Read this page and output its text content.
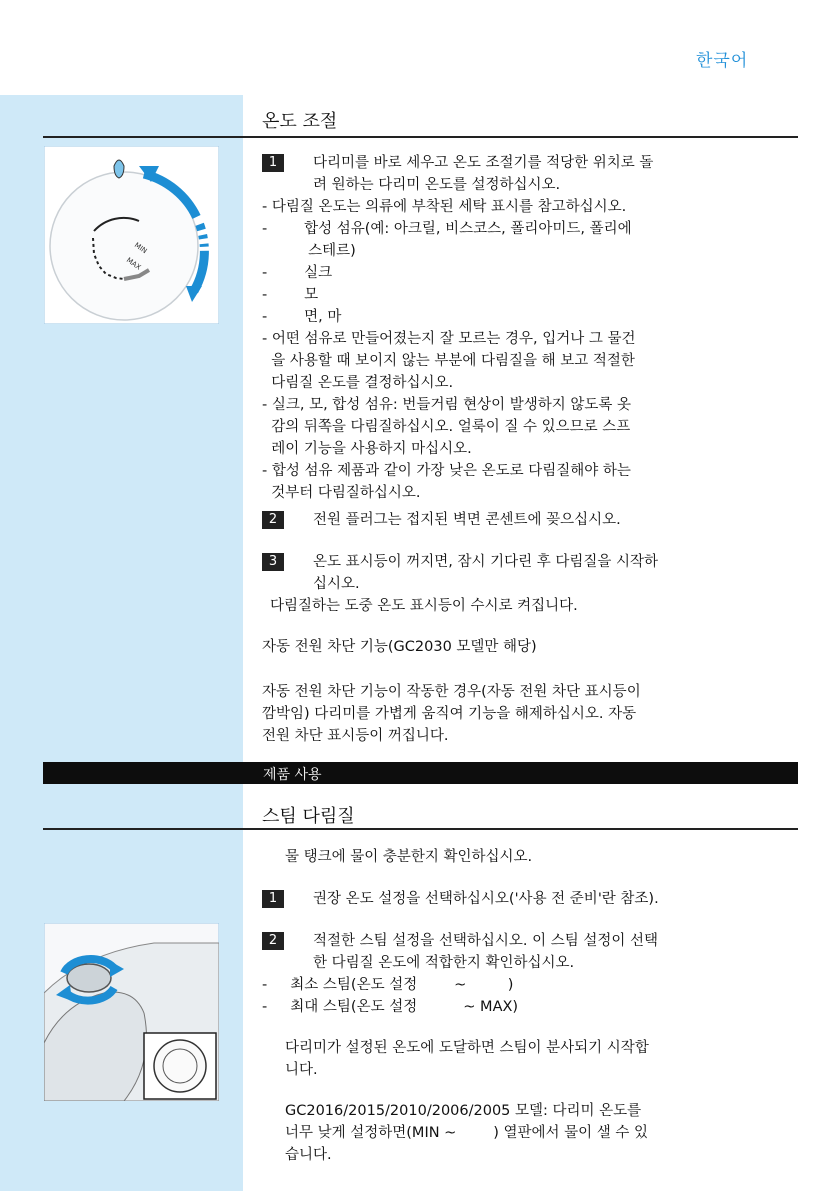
한국어
온도 조절
MIN
MAX
1	다리미를 바로 세우고 온도 조절기를 적당한 위치로 돌
려 원하는 다리미 온도를 설정하십시오.
- 다림질 온도는 의류에 부착된 세탁 표시를 참고하십시오.
-        합성 섬유(예: 아크릴, 비스코스, 폴리아미드, 폴리에
스테르)
-        실크
-        모
-        면, 마
- 어떤 섬유로 만들어졌는지 잘 모르는 경우, 입거나 그 물건
을 사용할 때 보이지 않는 부분에 다림질을 해 보고 적절한
다림질 온도를 결정하십시오.
- 실크, 모, 합성 섬유: 번들거림 현상이 발생하지 않도록 옷
감의 뒤쪽을 다림질하십시오. 얼룩이 질 수 있으므로 스프
레이 기능을 사용하지 마십시오.
- 합성 섬유 제품과 같이 가장 낮은 온도로 다림질해야 하는
것부터 다림질하십시오.
2	전원 플러그는 접지된 벽면 콘센트에 꽂으십시오.
3	온도 표시등이 꺼지면, 잠시 기다린 후 다림질을 시작하
십시오.
다림질하는 도중 온도 표시등이 수시로 켜집니다.
자동 전원 차단 기능(GC2030 모델만 해당)
자동 전원 차단 기능이 작동한 경우(자동 전원 차단 표시등이
깜박임) 다리미를 가볍게 움직여 기능을 해제하십시오. 자동
전원 차단 표시등이 꺼집니다.
제품 사용
스팀 다림질
물 탱크에 물이 충분한지 확인하십시오.
1	권장 온도 설정을 선택하십시오('사용 전 준비'란 참조).
2	적절한 스팀 설정을 선택하십시오. 이 스팀 설정이 선택
한 다림질 온도에 적합한지 확인하십시오.
-     최소 스팀(온도 설정        ~         )
-     최대 스팀(온도 설정          ~ MAX)
다리미가 설정된 온도에 도달하면 스팀이 분사되기 시작합
니다.
GC2016/2015/2010/2006/2005 모델: 다리미 온도를
너무 낮게 설정하면(MIN ~        ) 열판에서 물이 샐 수 있
습니다.
